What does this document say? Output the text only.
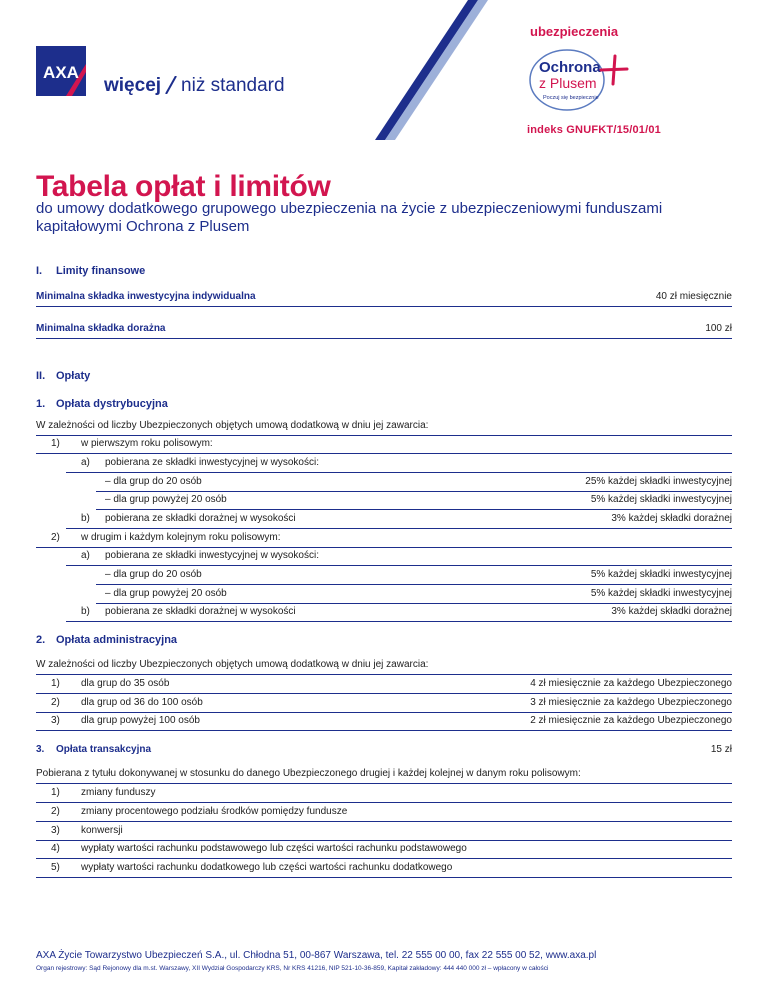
AXA
więcej niż standard
ubezpieczenia
Ochrona
z Plusem
Poczuj się bezpiecznie
indeks GNUFKT/15/01/01
Tabela opłat i limitów
do umowy dodatkowego grupowego ubezpieczenia na życie z ubezpieczeniowymi funduszami kapitałowymi Ochrona z Plusem
I. Limity finansowe
Minimalna składka inwestycyjna indywidualna	40 zł miesięcznie
Minimalna składka dorażna	100 zł
II. Opłaty
1. Opłata dystrybucyjna
W zależności od liczby Ubezpieczonych objętych umową dodatkową w dniu jej zawarcia:
1) w pierwszym roku polisowym:
a) pobierana ze składki inwestycyjnej w wysokości:
– dla grup do 20 osób	25% każdej składki inwestycyjnej
– dla grup powyżej 20 osób	5% każdej składki inwestycyjnej
b) pobierana ze składki dorażnej w wysokości	3% każdej składki dorażnej
2) w drugim i każdym kolejnym roku polisowym:
a) pobierana ze składki inwestycyjnej w wysokości:
– dla grup do 20 osób	5% każdej składki inwestycyjnej
– dla grup powyżej 20 osób	5% każdej składki inwestycyjnej
b) pobierana ze składki dorażnej w wysokości	3% każdej składki dorażnej
2. Opłata administracyjna
W zależności od liczby Ubezpieczonych objętych umową dodatkową w dniu jej zawarcia:
1) dla grup do 35 osób	4 zł miesięcznie za każdego Ubezpieczonego
2) dla grup od 36 do 100 osób	3 zł miesięcznie za każdego Ubezpieczonego
3) dla grup powyżej 100 osób	2 zł miesięcznie za każdego Ubezpieczonego
3. Opłata transakcyjna	15 zł
Pobierana z tytułu dokonywanej w stosunku do danego Ubezpieczonego drugiej i każdej kolejnej w danym roku polisowym:
1) zmiany funduszy
2) zmiany procentowego podziału środków pomiędzy fundusze
3) konwersji
4) wypłaty wartości rachunku podstawowego lub części wartości rachunku podstawowego
5) wypłaty wartości rachunku dodatkowego lub części wartości rachunku dodatkowego
AXA Życie Towarzystwo Ubezpieczeń S.A., ul. Chłodna 51, 00-867 Warszawa, tel. 22 555 00 00, fax 22 555 00 52, www.axa.pl
Organ rejestrowy: Sąd Rejonowy dla m.st. Warszawy, XII Wydział Gospodarczy KRS, Nr KRS 41216, NIP 521-10-36-859, Kapitał zakładowy: 444 440 000 zł – wpłacony w całości
